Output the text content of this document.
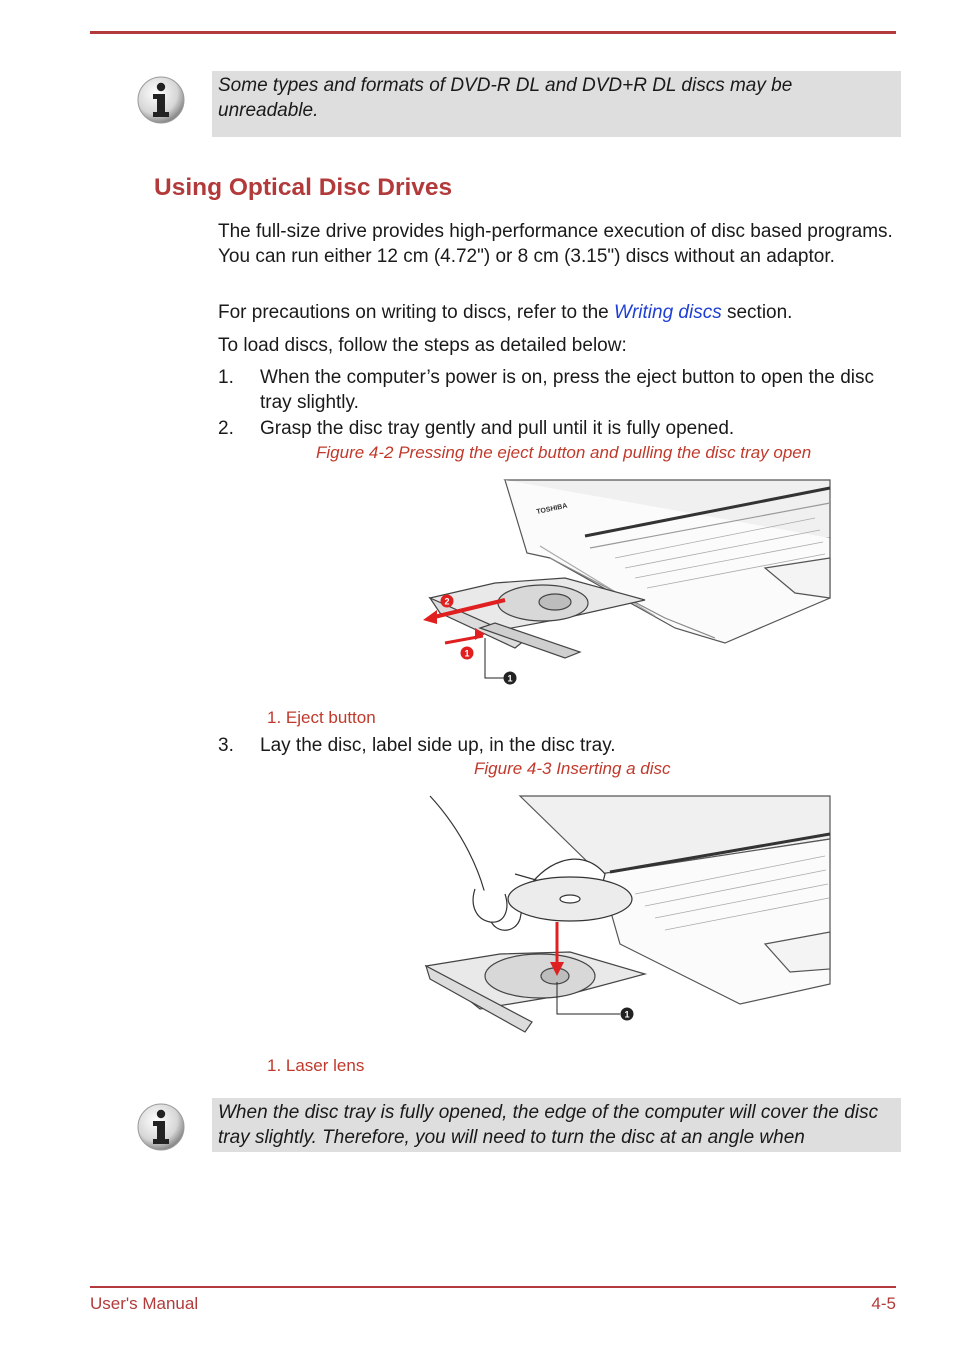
Some types and formats of DVD-R DL and DVD+R DL discs may be unreadable.

Using Optical Disc Drives

The full-size drive provides high-performance execution of disc based programs. You can run either 12 cm (4.72") or 8 cm (3.15") discs without an adaptor.

For precautions on writing to discs, refer to the Writing discs section.

To load discs, follow the steps as detailed below:

1. When the computer’s power is on, press the eject button to open the disc tray slightly.
2. Grasp the disc tray gently and pull until it is fully opened.
Figure 4-2 Pressing the eject button and pulling the disc tray open
TOSHIBA
2
1
1
1. Eject button
3. Lay the disc, label side up, in the disc tray.
Figure 4-3 Inserting a disc
1
1. Laser lens

When the disc tray is fully opened, the edge of the computer will cover the disc tray slightly. Therefore, you will need to turn the disc at an angle when

User's Manual	4-5
